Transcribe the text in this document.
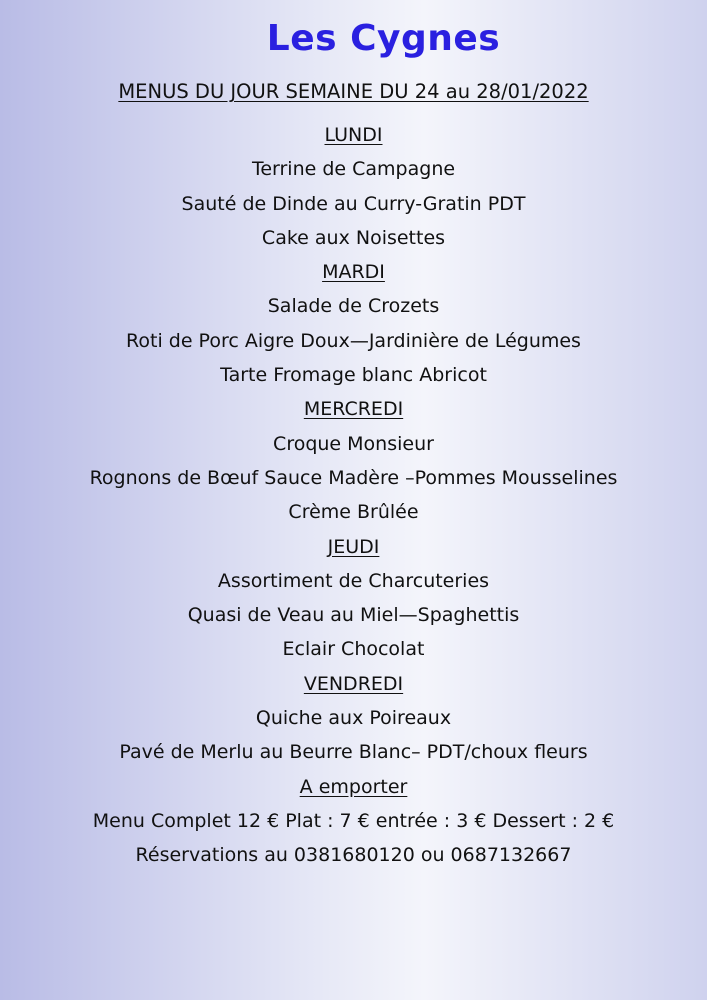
Les Cygnes
MENUS DU JOUR SEMAINE DU 24 au 28/01/2022
LUNDI
Terrine de Campagne
Sauté de Dinde au Curry-Gratin PDT
Cake aux Noisettes
MARDI
Salade de Crozets
Roti de Porc Aigre Doux—Jardinière de Légumes
Tarte Fromage blanc Abricot
MERCREDI
Croque Monsieur
Rognons de Bœuf Sauce Madère –Pommes Mousselines
Crème Brûlée
JEUDI
Assortiment de Charcuteries
Quasi de Veau au Miel—Spaghettis
Eclair Chocolat
VENDREDI
Quiche aux Poireaux
Pavé de Merlu au Beurre Blanc– PDT/choux fleurs
A emporter
Menu Complet 12 € Plat : 7 € entrée : 3 € Dessert : 2 €
Réservations au 0381680120 ou 0687132667
